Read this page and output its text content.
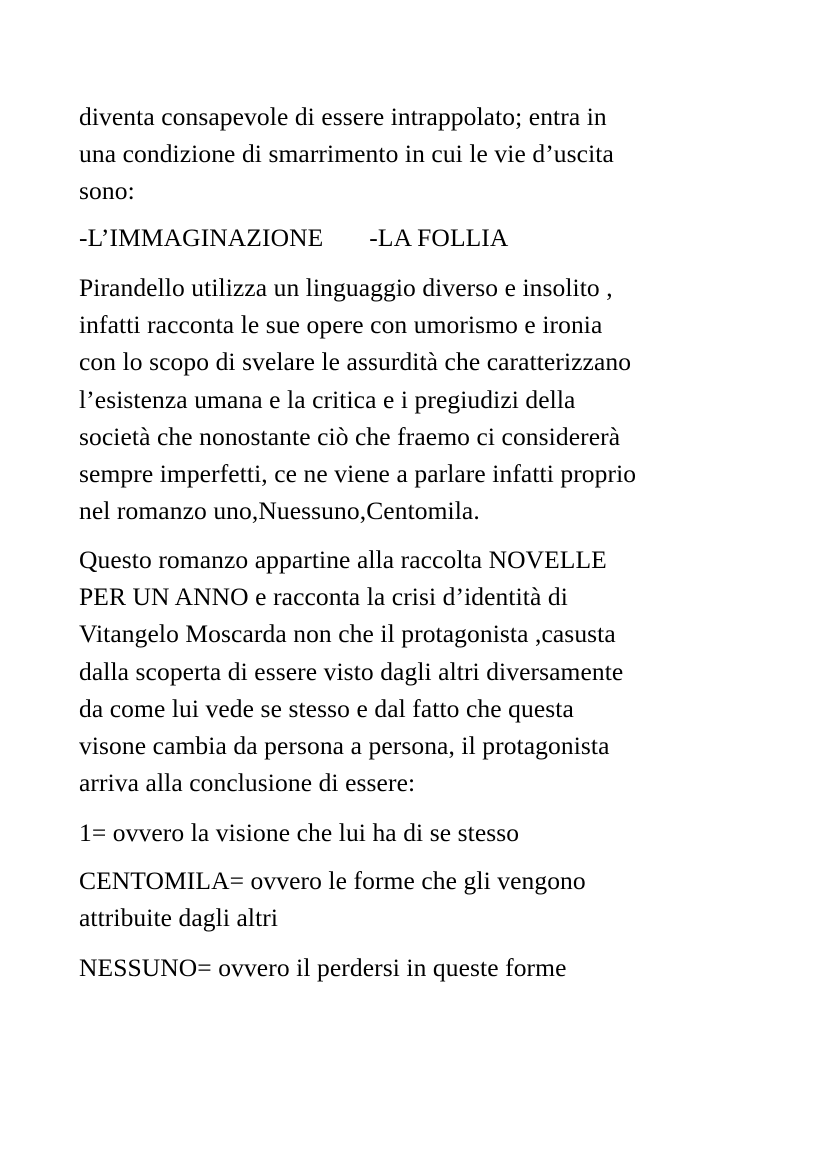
diventa consapevole di essere intrappolato; entra in
una condizione di smarrimento in cui le vie d’uscita
sono:

-L’IMMAGINAZIONE -LA FOLLIA

Pirandello utilizza un linguaggio diverso e insolito ,
infatti racconta le sue opere con umorismo e ironia
con lo scopo di svelare le assurdità che caratterizzano
l’esistenza umana e la critica e i pregiudizi della
società che nonostante ciò che fraemo ci considererà
sempre imperfetti, ce ne viene a parlare infatti proprio
nel romanzo uno,Nuessuno,Centomila.

Questo romanzo appartine alla raccolta NOVELLE
PER UN ANNO e racconta la crisi d’identità di
Vitangelo Moscarda non che il protagonista ,casusta
dalla scoperta di essere visto dagli altri diversamente
da come lui vede se stesso e dal fatto che questa
visone cambia da persona a persona, il protagonista
arriva alla conclusione di essere:

1= ovvero la visione che lui ha di se stesso

CENTOMILA= ovvero le forme che gli vengono
attribuite dagli altri

NESSUNO= ovvero il perdersi in queste forme
